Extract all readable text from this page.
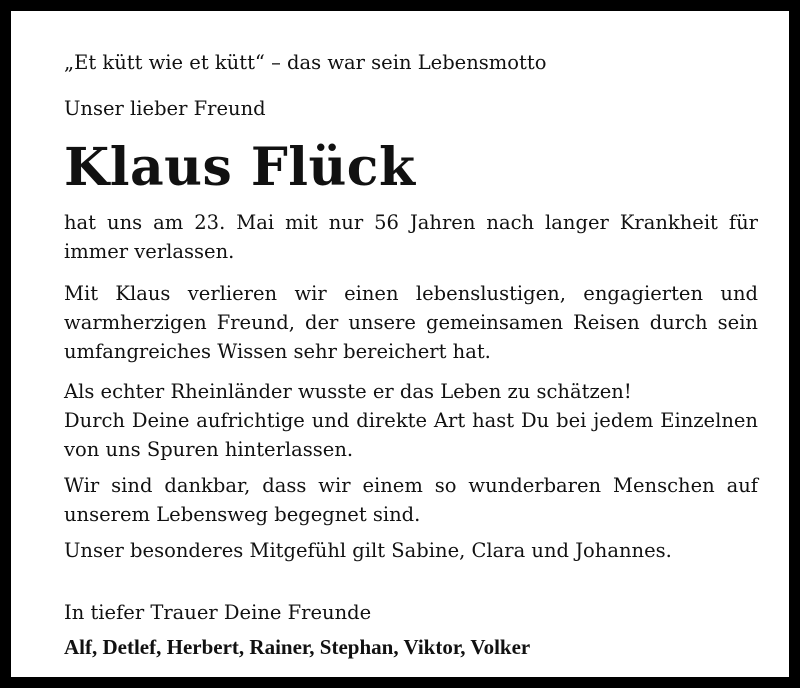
„Et kütt wie et kütt“ – das war sein Lebensmotto

Unser lieber Freund

Klaus Flück

hat uns am 23. Mai mit nur 56 Jahren nach langer Krankheit für immer verlassen.

Mit Klaus verlieren wir einen lebenslustigen, engagierten und warmherzigen Freund, der unsere gemeinsamen Reisen durch sein umfangreiches Wissen sehr bereichert hat.

Als echter Rheinländer wusste er das Leben zu schätzen!

Durch Deine aufrichtige und direkte Art hast Du bei jedem Einzelnen von uns Spuren hinterlassen.

Wir sind dankbar, dass wir einem so wunderbaren Menschen auf unserem Lebensweg begegnet sind.

Unser besonderes Mitgefühl gilt Sabine, Clara und Johannes.

In tiefer Trauer Deine Freunde

Alf, Detlef, Herbert, Rainer, Stephan, Viktor, Volker
